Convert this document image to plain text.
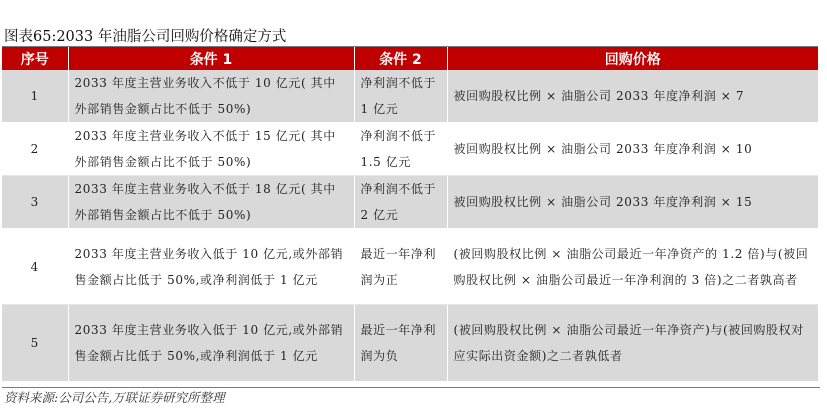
图表65:2033 年油脂公司回购价格确定方式
序号	条件 1	条件 2	回购价格
1	2033 年度主营业务收入不低于 10 亿元( 其中外部销售金额占比不低于 50%)	净利润不低于 1 亿元	被回购股权比例 × 油脂公司 2033 年度净利润 × 7
2	2033 年度主营业务收入不低于 15 亿元( 其中外部销售金额占比不低于 50%)	净利润不低于 1.5 亿元	被回购股权比例 × 油脂公司 2033 年度净利润 × 10
3	2033 年度主营业务收入不低于 18 亿元( 其中外部销售金额占比不低于 50%)	净利润不低于 2 亿元	被回购股权比例 × 油脂公司 2033 年度净利润 × 15
4	2033 年度主营业务收入低于 10 亿元,或外部销售金额占比低于 50%,或净利润低于 1 亿元	最近一年净利润为正	(被回购股权比例 × 油脂公司最近一年净资产的 1.2 倍)与(被回购股权比例 × 油脂公司最近一年净利润的 3 倍)之二者孰高者
5	2033 年度主营业务收入低于 10 亿元,或外部销售金额占比低于 50%,或净利润低于 1 亿元	最近一年净利润为负	(被回购股权比例 × 油脂公司最近一年净资产)与(被回购股权对应实际出资金额)之二者孰低者
资料来源:公司公告,万联证券研究所整理
